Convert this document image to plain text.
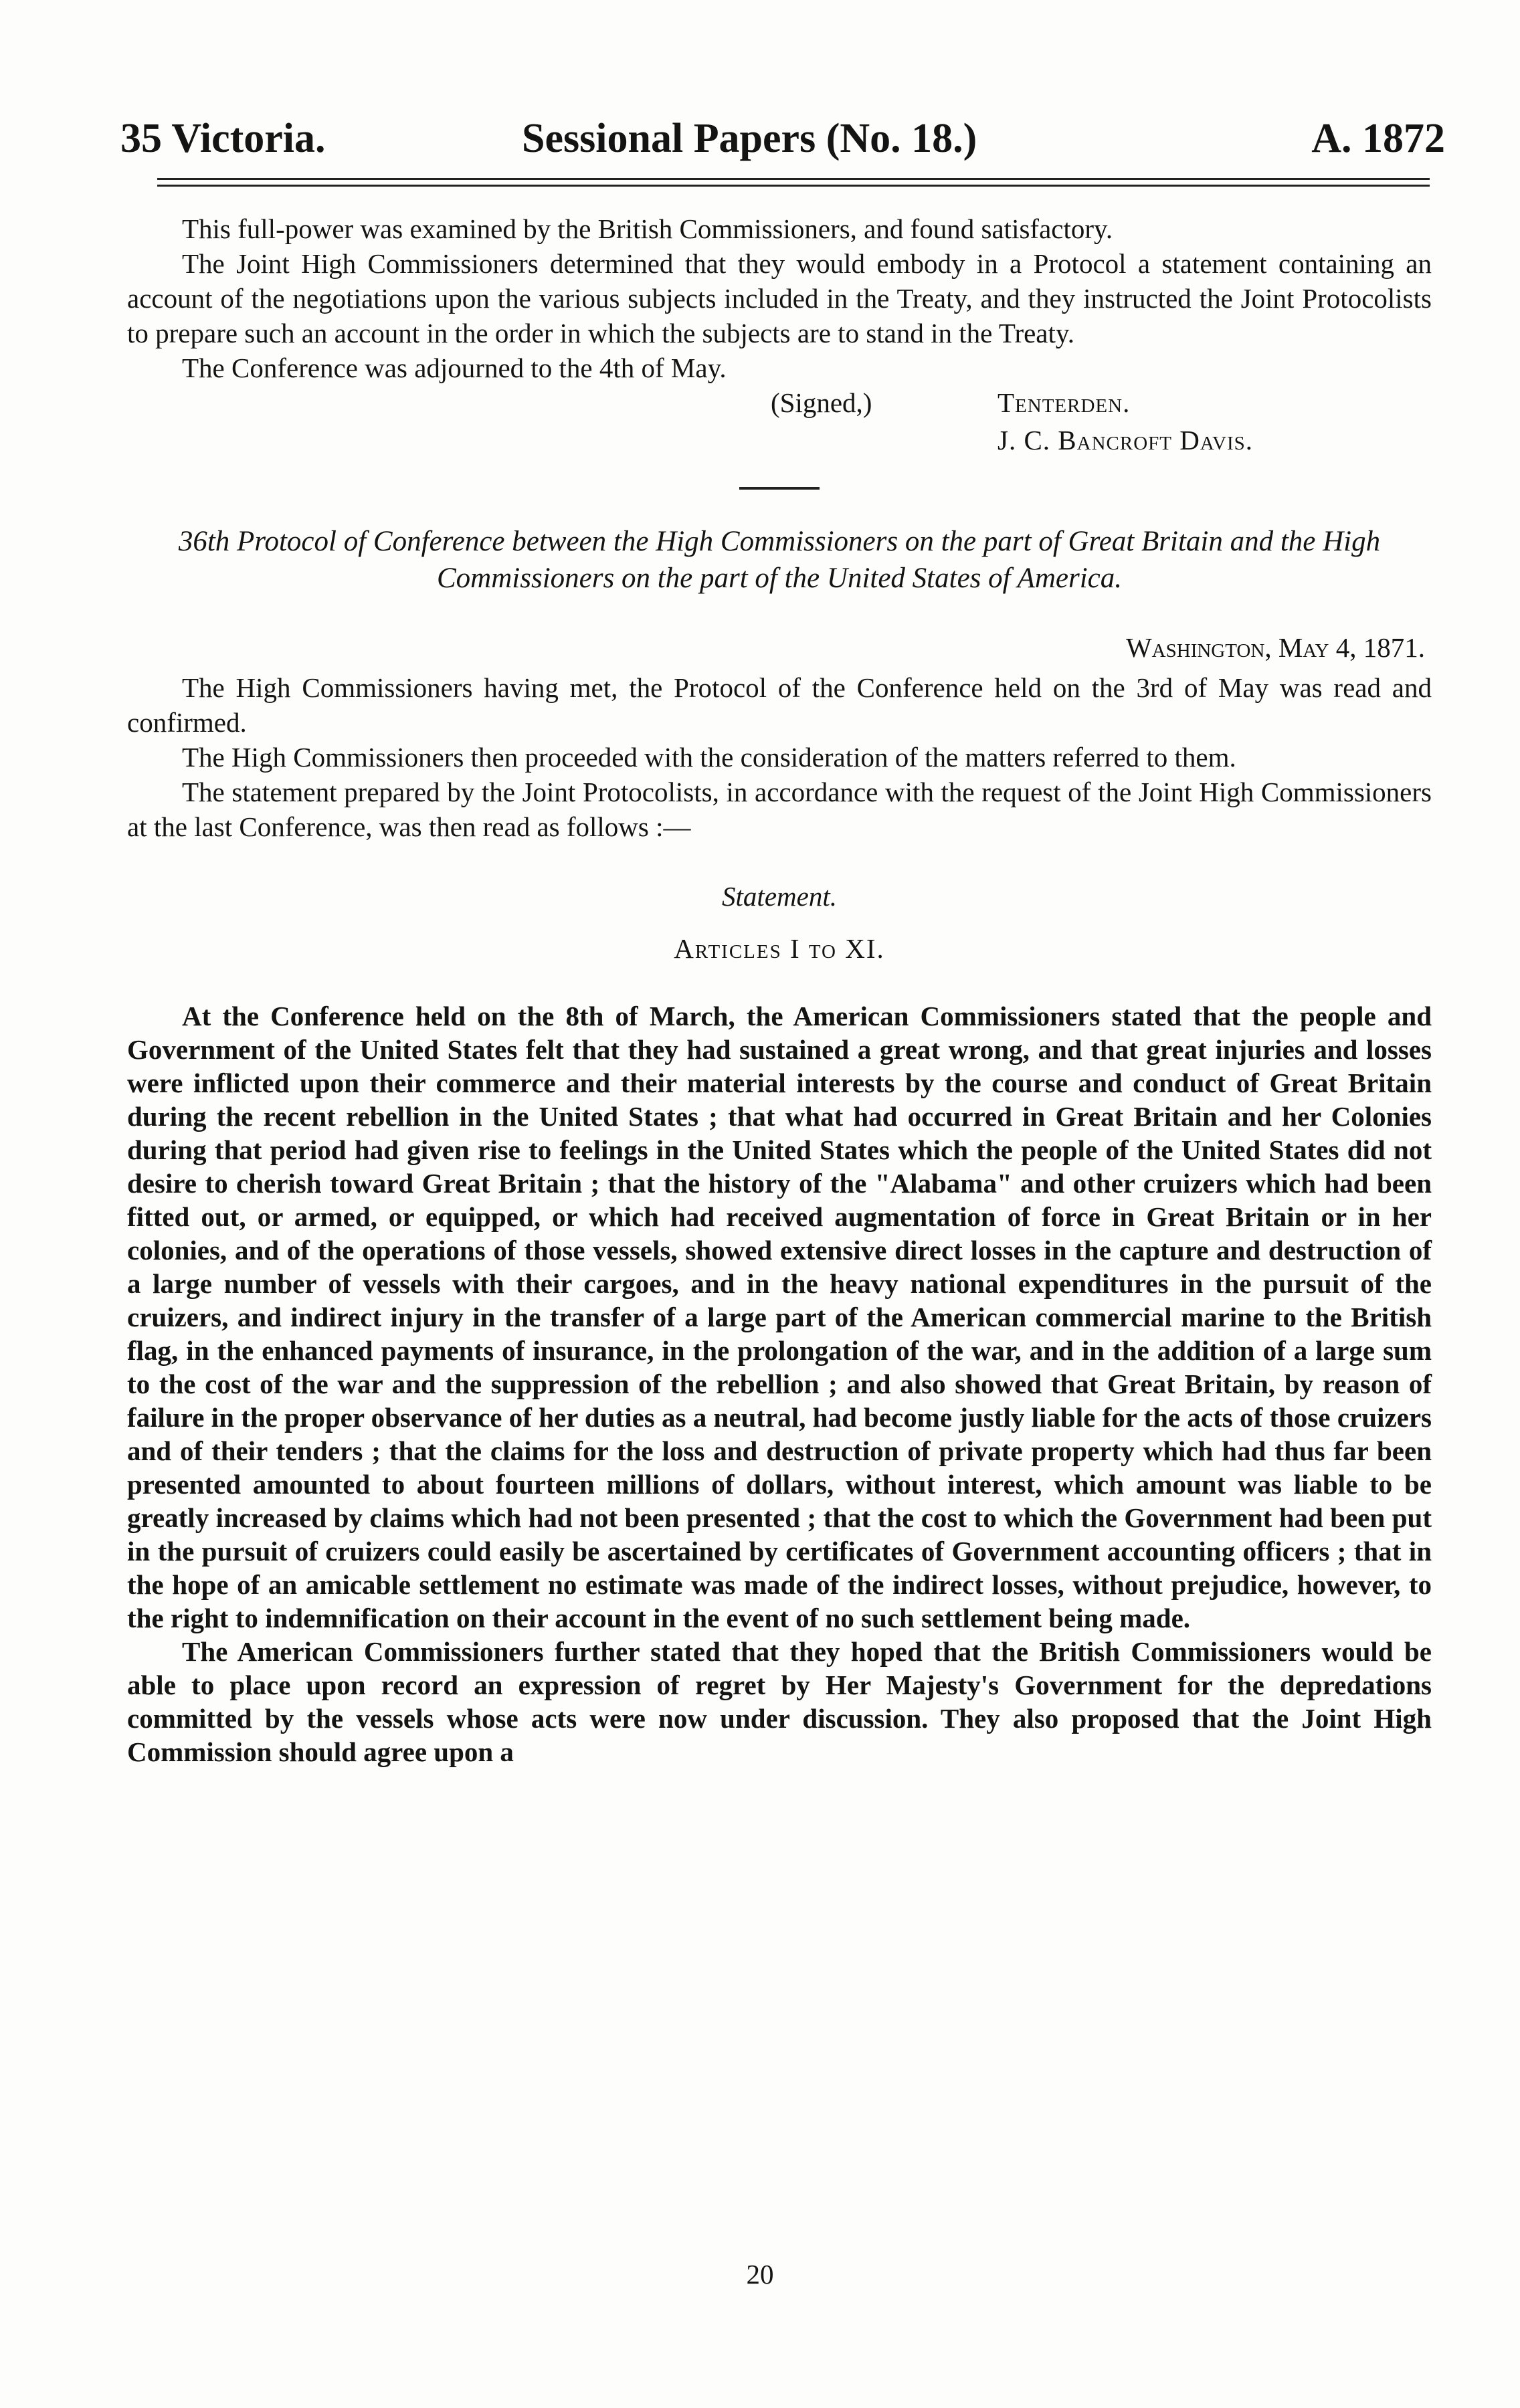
35 Victoria.	Sessional Papers (No. 18.)	A. 1872

This full-power was examined by the British Commissioners, and found satisfactory.

The Joint High Commissioners determined that they would embody in a Protocol a statement containing an account of the negotiations upon the various subjects included in the Treaty, and they instructed the Joint Protocolists to prepare such an account in the order in which the subjects are to stand in the Treaty.

The Conference was adjourned to the 4th of May.

(Signed,)	Tenterden.
J. C. Bancroft Davis.
36th Protocol of Conference between the High Commissioners on the part of Great Britain and the High Commissioners on the part of the United States of America.
Washington, May 4, 1871.

The High Commissioners having met, the Protocol of the Conference held on the 3rd of May was read and confirmed.

The High Commissioners then proceeded with the consideration of the matters referred to them.

The statement prepared by the Joint Protocolists, in accordance with the request of the Joint High Commissioners at the last Conference, was then read as follows :—

Statement.
Articles I to XI.

At the Conference held on the 8th of March, the American Commissioners stated that the people and Government of the United States felt that they had sustained a great wrong, and that great injuries and losses were inflicted upon their commerce and their material interests by the course and conduct of Great Britain during the recent rebellion in the United States ; that what had occurred in Great Britain and her Colonies during that period had given rise to feelings in the United States which the people of the United States did not desire to cherish toward Great Britain ; that the history of the "Alabama" and other cruizers which had been fitted out, or armed, or equipped, or which had received augmentation of force in Great Britain or in her colonies, and of the operations of those vessels, showed extensive direct losses in the capture and destruction of a large number of vessels with their cargoes, and in the heavy national expenditures in the pursuit of the cruizers, and indirect injury in the transfer of a large part of the American commercial marine to the British flag, in the enhanced payments of insurance, in the prolongation of the war, and in the addition of a large sum to the cost of the war and the suppression of the rebellion ; and also showed that Great Britain, by reason of failure in the proper observance of her duties as a neutral, had become justly liable for the acts of those cruizers and of their tenders ; that the claims for the loss and destruction of private property which had thus far been presented amounted to about fourteen millions of dollars, without interest, which amount was liable to be greatly increased by claims which had not been presented ; that the cost to which the Government had been put in the pursuit of cruizers could easily be ascertained by certificates of Government accounting officers ; that in the hope of an amicable settlement no estimate was made of the indirect losses, without prejudice, however, to the right to indemnification on their account in the event of no such settlement being made.

The American Commissioners further stated that they hoped that the British Commissioners would be able to place upon record an expression of regret by Her Majesty's Government for the depredations committed by the vessels whose acts were now under discussion. They also proposed that the Joint High Commission should agree upon a

20
